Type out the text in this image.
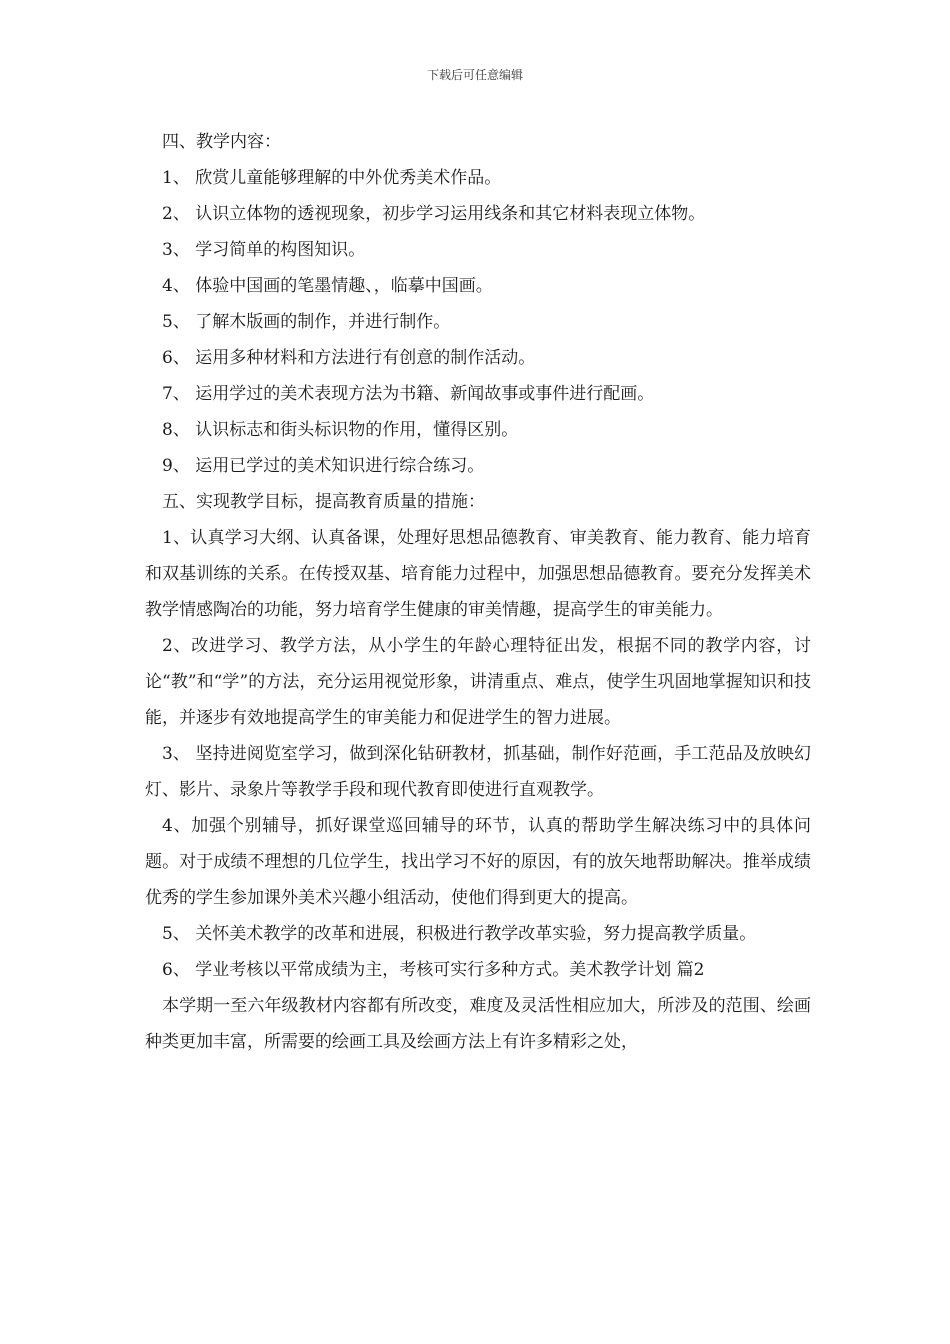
下载后可任意编辑

四、教学内容：

1、 欣赏儿童能够理解的中外优秀美术作品。

2、 认识立体物的透视现象，初步学习运用线条和其它材料表现立体物。

3、 学习简单的构图知识。

4、 体验中国画的笔墨情趣、，临摹中国画。

5、 了解木版画的制作，并进行制作。

6、 运用多种材料和方法进行有创意的制作活动。

7、 运用学过的美术表现方法为书籍、新闻故事或事件进行配画。

8、 认识标志和街头标识物的作用，懂得区别。

9、 运用已学过的美术知识进行综合练习。

五、实现教学目标，提高教育质量的措施：

1、认真学习大纲、认真备课，处理好思想品德教育、审美教育、能力教育、能力培育和双基训练的关系。在传授双基、培育能力过程中，加强思想品德教育。要充分发挥美术教学情感陶冶的功能，努力培育学生健康的审美情趣，提高学生的审美能力。

2、改进学习、教学方法，从小学生的年龄心理特征出发，根据不同的教学内容，讨论“教”和“学”的方法，充分运用视觉形象，讲清重点、难点，使学生巩固地掌握知识和技能，并逐步有效地提高学生的审美能力和促进学生的智力进展。

3、 坚持进阅览室学习，做到深化钻研教材，抓基础，制作好范画，手工范品及放映幻灯、影片、录象片等教学手段和现代教育即使进行直观教学。

4、加强个别辅导，抓好课堂巡回辅导的环节，认真的帮助学生解决练习中的具体问题。对于成绩不理想的几位学生，找出学习不好的原因，有的放矢地帮助解决。推举成绩优秀的学生参加课外美术兴趣小组活动，使他们得到更大的提高。

5、 关怀美术教学的改革和进展，积极进行教学改革实验，努力提高教学质量。

6、 学业考核以平常成绩为主，考核可实行多种方式。美术教学计划 篇2

本学期一至六年级教材内容都有所改变，难度及灵活性相应加大，所涉及的范围、绘画种类更加丰富，所需要的绘画工具及绘画方法上有许多精彩之处，
